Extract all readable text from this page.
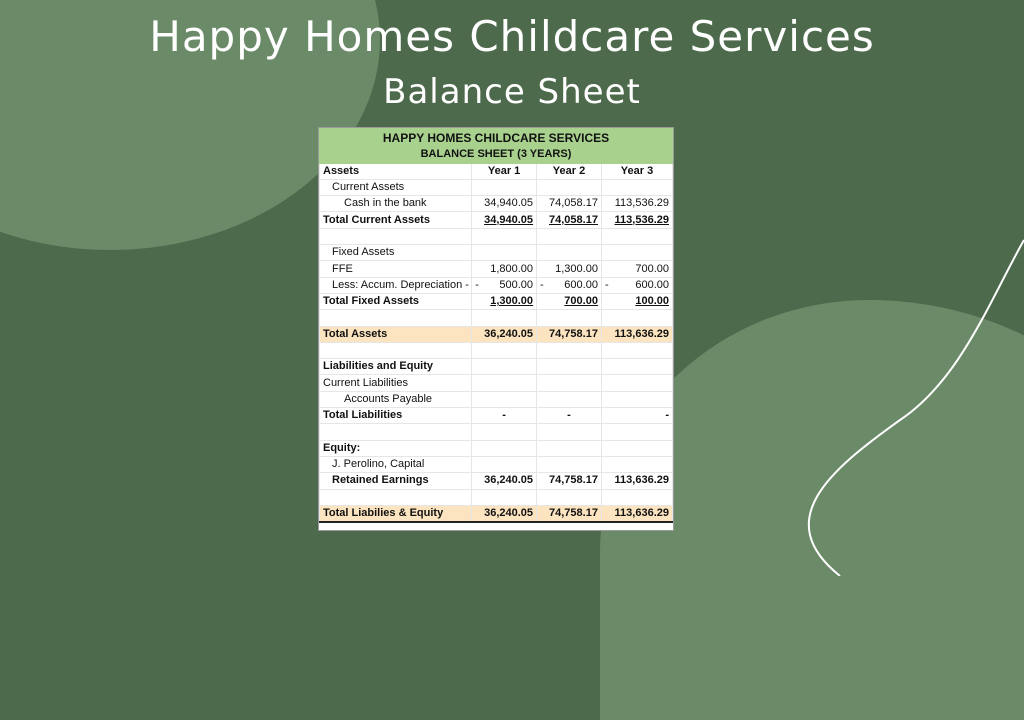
Happy Homes Childcare Services
Balance Sheet
HAPPY HOMES CHILDCARE SERVICES			
BALANCE SHEET (3 YEARS)			
Assets	Year 1	Year 2	Year 3
Current Assets			
Cash in the bank	34,940.05	74,058.17	113,536.29
Total Current Assets	34,940.05	74,058.17	113,536.29

Fixed Assets			
FFE	1,800.00	1,300.00	700.00
Less: Accum. Depreciation -	- 500.00	- 600.00	- 600.00
Total Fixed Assets	1,300.00	700.00	100.00

Total Assets	36,240.05	74,758.17	113,636.29

Liabilities and Equity			
Current Liabilities			
Accounts Payable			
Total Liabilities	-	-	-

Equity:			
J. Perolino, Capital			
Retained Earnings	36,240.05	74,758.17	113,636.29

Total Liabilies & Equity	36,240.05	74,758.17	113,636.29
